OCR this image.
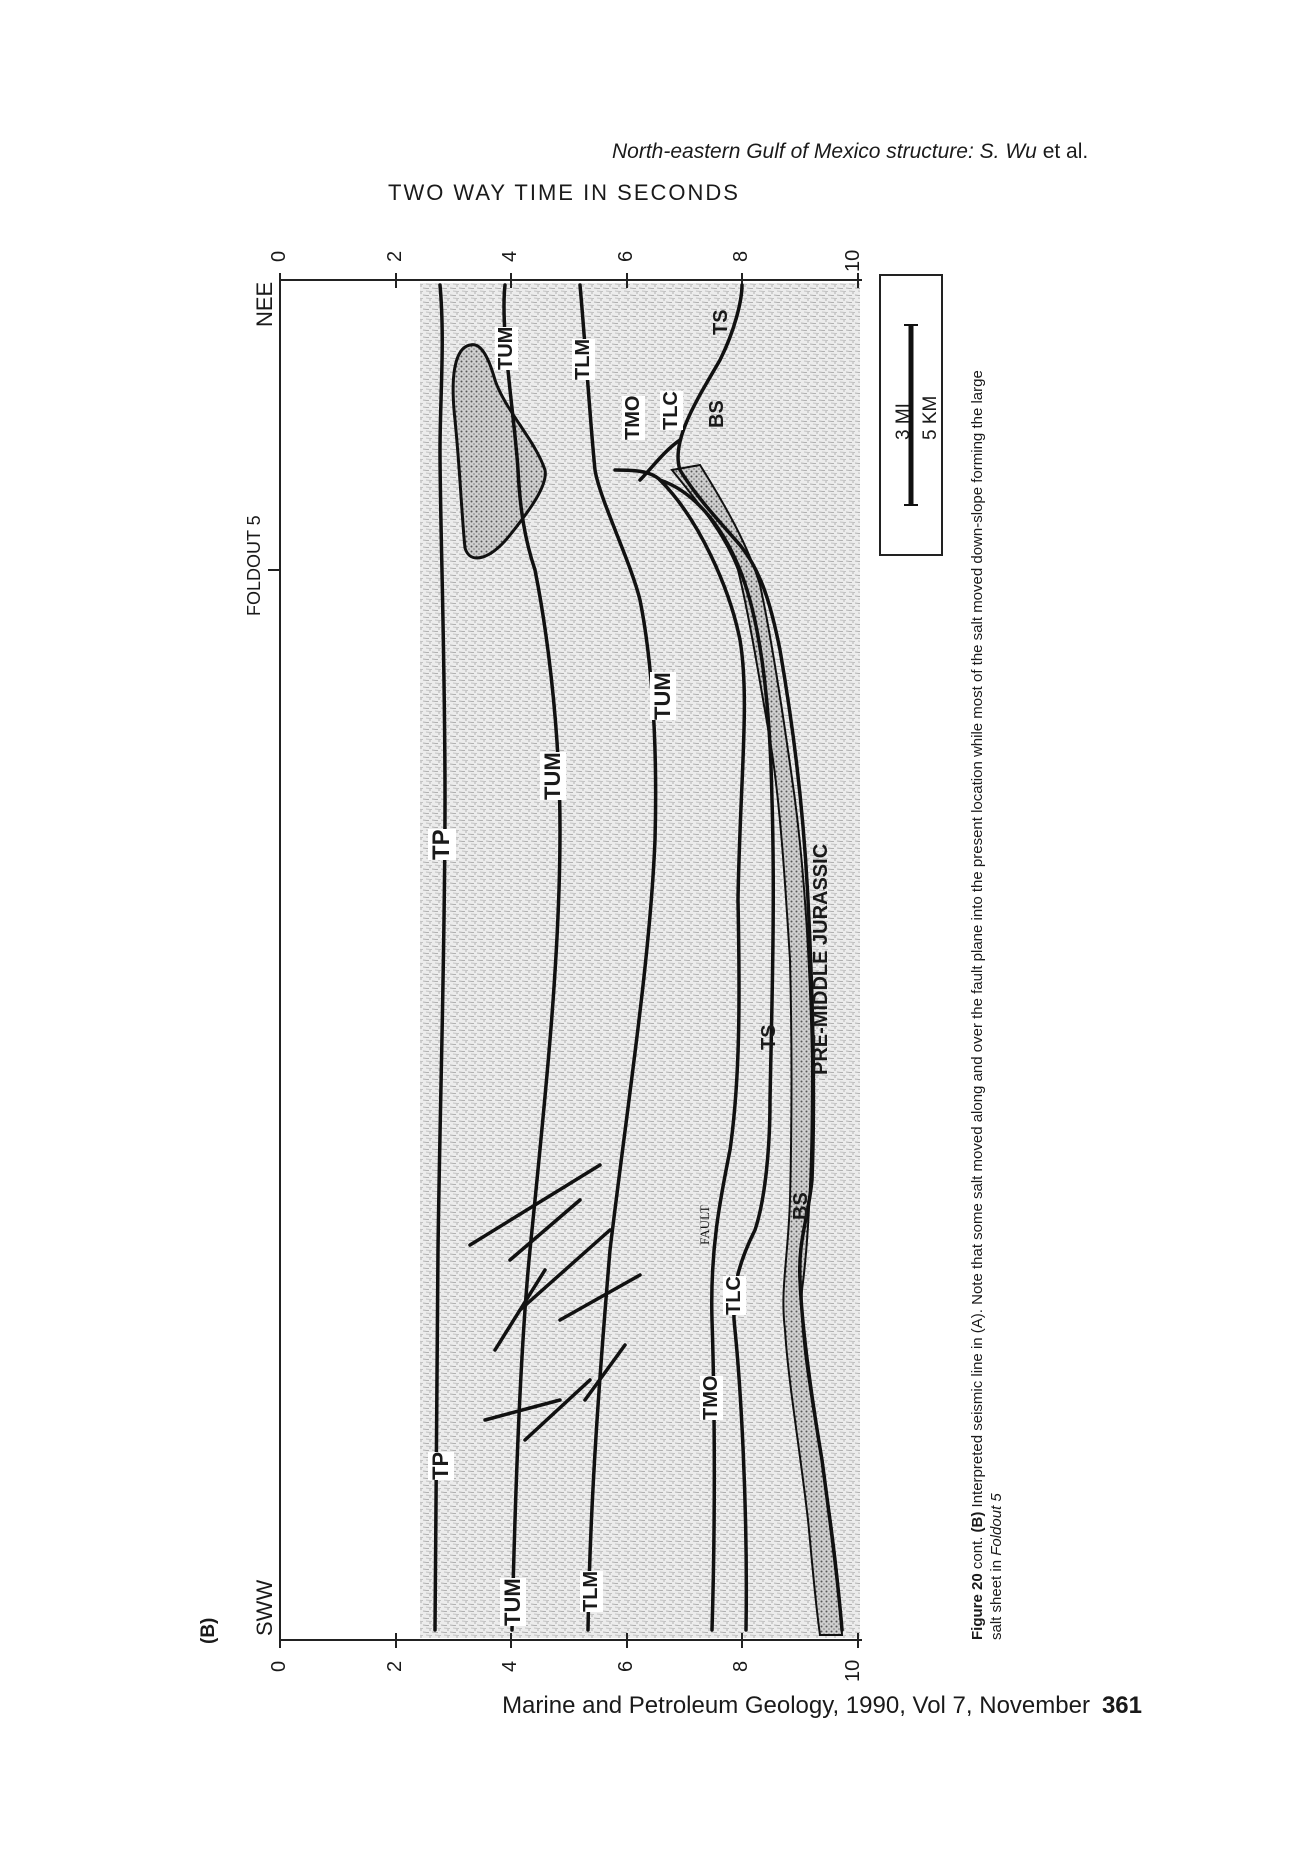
North-eastern Gulf of Mexico structure: S. Wu et al.
TWO WAY TIME IN SECONDS
(B) SWW
NEE
FOLDOUT 5
0	2	4	6	8	10
0	2	4	6	8	10
3 MI 5 KM
TP
TP
TUM
TUM
TUM
TUM
TLM
TLM
TMO
TMO
TLC
TLC
TS
TS
BS
BS
PRE-MIDDLE JURASSIC
FAULT
Figure 20 cont. (B) Interpreted seismic line in (A). Note that some salt moved along and over the fault plane into the present location while most of the salt moved down-slope forming the large
salt sheet in Foldout 5
Marine and Petroleum Geology, 1990, Vol 7, November 361
